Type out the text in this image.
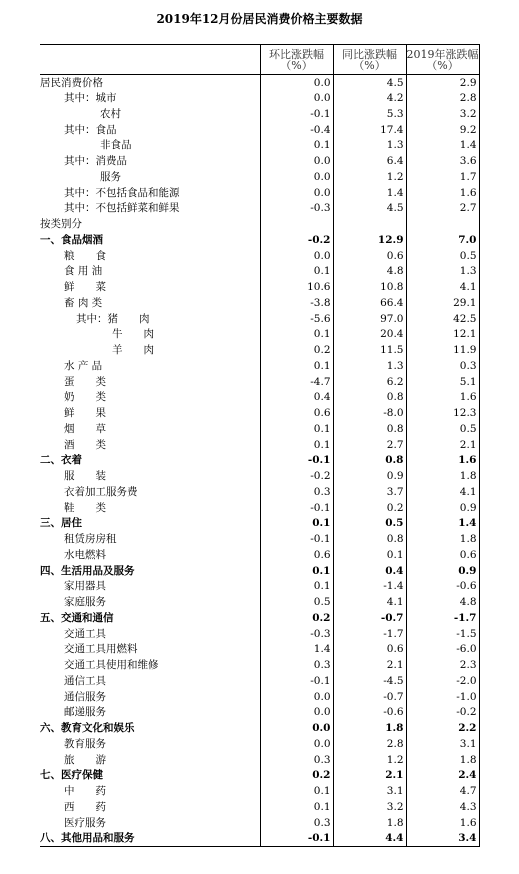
2019年12月份居民消费价格主要数据
	环比涨跌幅（%）	同比涨跌幅（%）	2019年涨跌幅（%）
居民消费价格	0.0	4.5	2.9
其中：城市	0.0	4.2	2.8
农村	-0.1	5.3	3.2
其中：食品	-0.4	17.4	9.2
非食品	0.1	1.3	1.4
其中：消费品	0.0	6.4	3.6
服务	0.0	1.2	1.7
其中：不包括食品和能源	0.0	1.4	1.6
其中：不包括鲜菜和鲜果	-0.3	4.5	2.7
按类别分			
一、食品烟酒	-0.2	12.9	7.0
粮　　食	0.0	0.6	0.5
食 用 油	0.1	4.8	1.3
鲜　　菜	10.6	10.8	4.1
畜 肉 类	-3.8	66.4	29.1
其中：猪　　肉	-5.6	97.0	42.5
牛　　肉	0.1	20.4	12.1
羊　　肉	0.2	11.5	11.9
水 产 品	0.1	1.3	0.3
蛋　　类	-4.7	6.2	5.1
奶　　类	0.4	0.8	1.6
鲜　　果	0.6	-8.0	12.3
烟　　草	0.1	0.8	0.5
酒　　类	0.1	2.7	2.1
二、衣着	-0.1	0.8	1.6
服　　装	-0.2	0.9	1.8
衣着加工服务费	0.3	3.7	4.1
鞋　　类	-0.1	0.2	0.9
三、居住	0.1	0.5	1.4
租赁房房租	-0.1	0.8	1.8
水电燃料	0.6	0.1	0.6
四、生活用品及服务	0.1	0.4	0.9
家用器具	0.1	-1.4	-0.6
家庭服务	0.5	4.1	4.8
五、交通和通信	0.2	-0.7	-1.7
交通工具	-0.3	-1.7	-1.5
交通工具用燃料	1.4	0.6	-6.0
交通工具使用和维修	0.3	2.1	2.3
通信工具	-0.1	-4.5	-2.0
通信服务	0.0	-0.7	-1.0
邮递服务	0.0	-0.6	-0.2
六、教育文化和娱乐	0.0	1.8	2.2
教育服务	0.0	2.8	3.1
旅　　游	0.3	1.2	1.8
七、医疗保健	0.2	2.1	2.4
中　　药	0.1	3.1	4.7
西　　药	0.1	3.2	4.3
医疗服务	0.3	1.8	1.6
八、其他用品和服务	-0.1	4.4	3.4
